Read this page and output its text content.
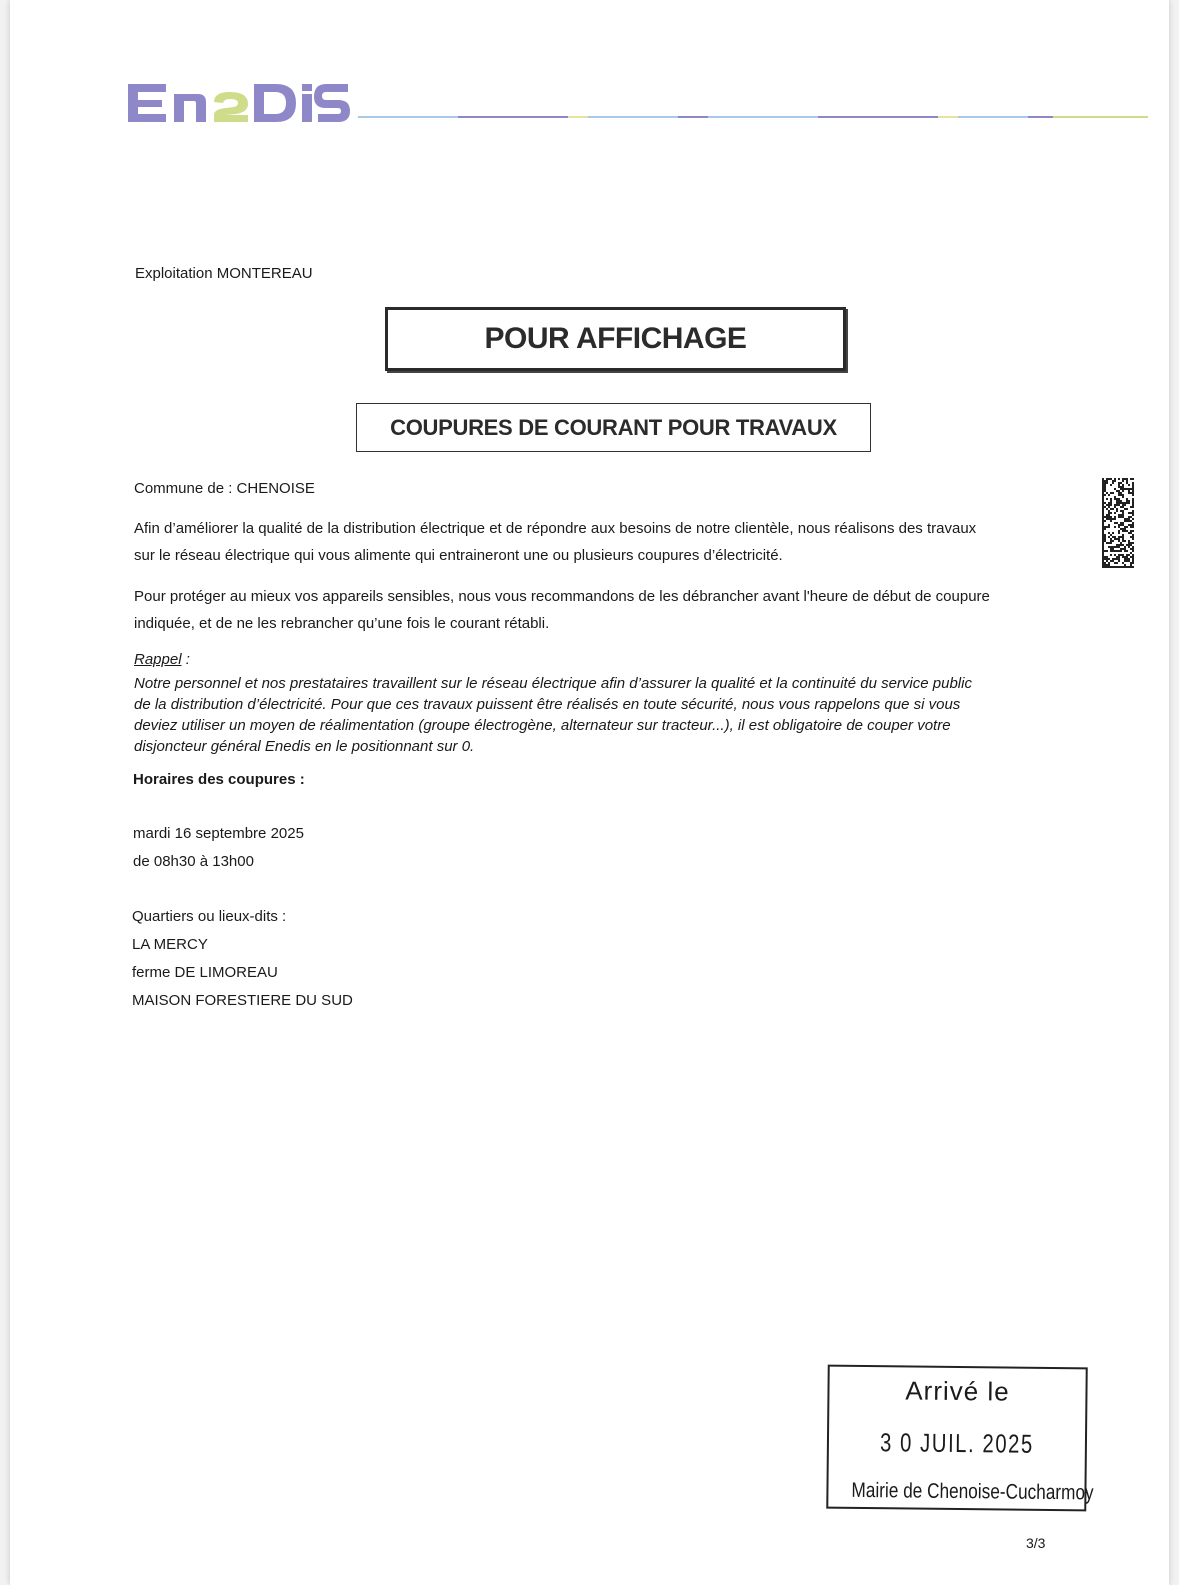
Exploitation MONTEREAU
POUR AFFICHAGE
COUPURES DE COURANT POUR TRAVAUX
Commune de : CHENOISE
Afin d’améliorer la qualité de la distribution électrique et de répondre aux besoins de notre clientèle, nous réalisons des travaux
sur le réseau électrique qui vous alimente qui entraineront une ou plusieurs coupures d’électricité.
Pour protéger au mieux vos appareils sensibles, nous vous recommandons de les débrancher avant l'heure de début de coupure
indiquée, et de ne les rebrancher qu’une fois le courant rétabli.
Rappel :
Notre personnel et nos prestataires travaillent sur le réseau électrique afin d’assurer la qualité et la continuité du service public
de la distribution d’électricité. Pour que ces travaux puissent être réalisés en toute sécurité, nous vous rappelons que si vous
deviez utiliser un moyen de réalimentation (groupe électrogène, alternateur sur tracteur...), il est obligatoire de couper votre
disjoncteur général Enedis en le positionnant sur 0.
Horaires des coupures :
mardi 16 septembre 2025
de 08h30 à 13h00
Quartiers ou lieux-dits :
LA MERCY
ferme DE LIMOREAU
MAISON FORESTIERE DU SUD
Arrivé le
3 0 JUIL. 2025
Mairie de Chenoise-Cucharmoy
3/3
